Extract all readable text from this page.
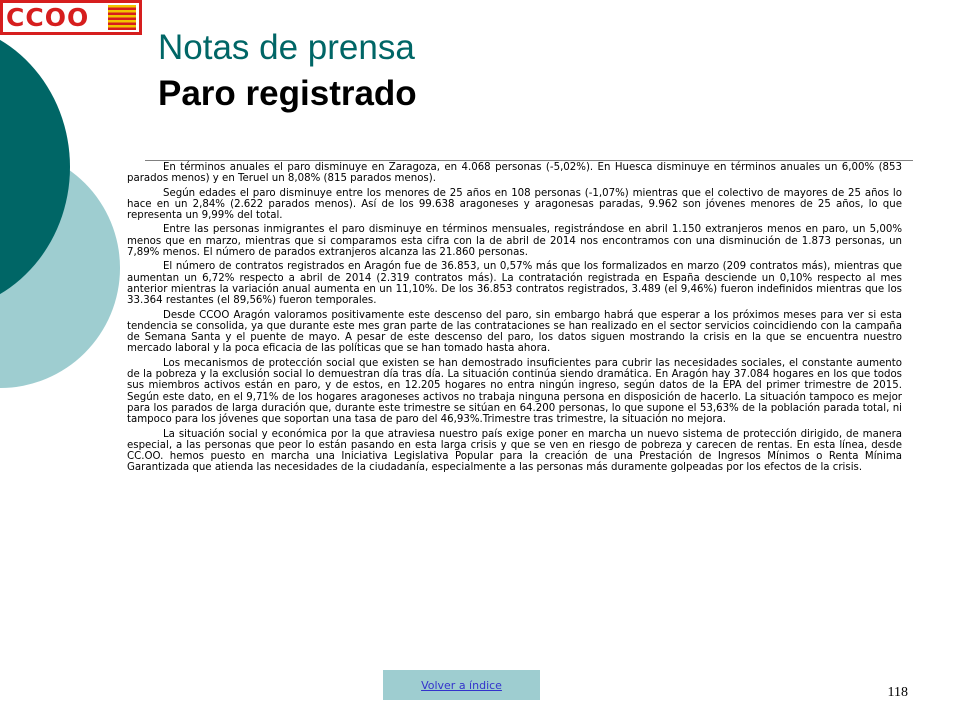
CCOO
Notas de prensa
Paro registrado

En términos anuales el paro disminuye en Zaragoza, en 4.068 personas (-5,02%). En Huesca disminuye en términos anuales un 6,00% (853 parados menos) y en Teruel un 8,08% (815 parados menos).

Según edades el paro disminuye entre los menores de 25 años en 108 personas (-1,07%) mientras que el colectivo de mayores de 25 años lo hace en un 2,84% (2.622 parados menos). Así de los 99.638 aragoneses y aragonesas paradas, 9.962 son jóvenes menores de 25 años, lo que representa un 9,99% del total.

Entre las personas inmigrantes el paro disminuye en términos mensuales, registrándose en abril 1.150 extranjeros menos en paro, un 5,00% menos que en marzo, mientras que si comparamos esta cifra con la de abril de 2014 nos encontramos con una disminución de 1.873 personas, un 7,89% menos. El número de parados extranjeros alcanza las 21.860 personas.

El número de contratos registrados en Aragón fue de 36.853, un 0,57% más que los formalizados en marzo (209 contratos más), mientras que aumentan un 6,72% respecto a abril de 2014 (2.319 contratos más). La contratación registrada en España desciende un 0,10% respecto al mes anterior mientras la variación anual aumenta en un 11,10%. De los 36.853 contratos registrados, 3.489 (el 9,46%) fueron indefinidos mientras que los 33.364 restantes (el 89,56%) fueron temporales.

Desde CCOO Aragón valoramos positivamente este descenso del paro, sin embargo habrá que esperar a los próximos meses para ver si esta tendencia se consolida, ya que durante este mes gran parte de las contrataciones se han realizado en el sector servicios coincidiendo con la campaña de Semana Santa y el puente de mayo. A pesar de este descenso del paro, los datos siguen mostrando la crisis en la que se encuentra nuestro mercado laboral y la poca eficacia de las políticas que se han tomado hasta ahora.

Los mecanismos de protección social que existen se han demostrado insuficientes para cubrir las necesidades sociales, el constante aumento de la pobreza y la exclusión social lo demuestran día tras día. La situación continúa siendo dramática. En Aragón hay 37.084 hogares en los que todos sus miembros activos están en paro, y de estos, en 12.205 hogares no entra ningún ingreso, según datos de la EPA del primer trimestre de 2015. Según este dato, en el 9,71% de los hogares aragoneses activos no trabaja ninguna persona en disposición de hacerlo. La situación tampoco es mejor para los parados de larga duración que, durante este trimestre se sitúan en 64.200 personas, lo que supone el 53,63% de la población parada total, ni tampoco para los jóvenes que soportan una tasa de paro del 46,93%.Trimestre tras trimestre, la situación no mejora.

La situación social y económica por la que atraviesa nuestro país exige poner en marcha un nuevo sistema de protección dirigido, de manera especial, a las personas que peor lo están pasando en esta larga crisis y que se ven en riesgo de pobreza y carecen de rentas. En esta línea, desde CC.OO. hemos puesto en marcha una Iniciativa Legislativa Popular para la creación de una Prestación de Ingresos Mínimos o Renta Mínima Garantizada que atienda las necesidades de la ciudadanía, especialmente a las personas más duramente golpeadas por los efectos de la crisis.

Volver a índice	118
